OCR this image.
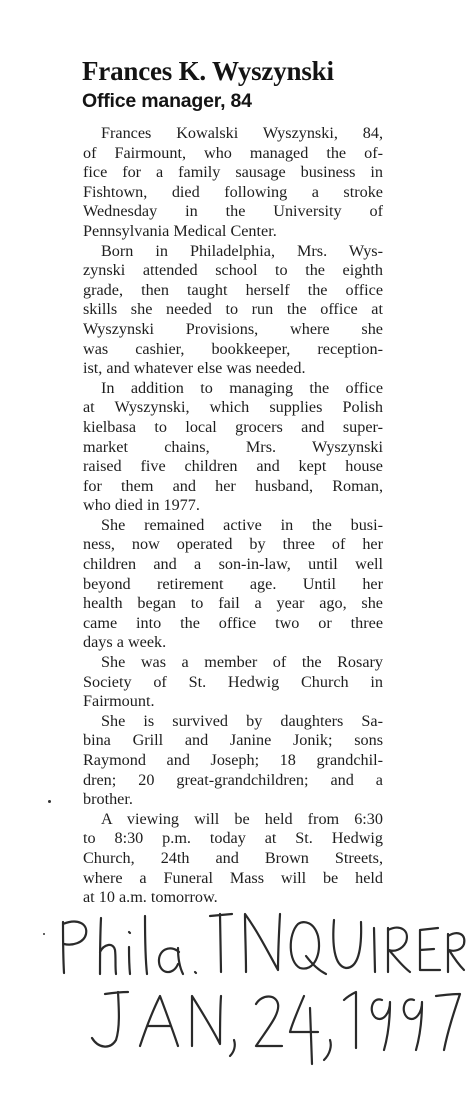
Frances K. Wyszynski
Office manager, 84
Frances Kowalski Wyszynski, 84,
of Fairmount, who managed the of-
fice for a family sausage business in
Fishtown, died following a stroke
Wednesday in the University of
Pennsylvania Medical Center.
Born in Philadelphia, Mrs. Wys-
zynski attended school to the eighth
grade, then taught herself the office
skills she needed to run the office at
Wyszynski Provisions, where she
was cashier, bookkeeper, reception-
ist, and whatever else was needed.
In addition to managing the office
at Wyszynski, which supplies Polish
kielbasa to local grocers and super-
market chains, Mrs. Wyszynski
raised five children and kept house
for them and her husband, Roman,
who died in 1977.
She remained active in the busi-
ness, now operated by three of her
children and a son-in-law, until well
beyond retirement age. Until her
health began to fail a year ago, she
came into the office two or three
days a week.
She was a member of the Rosary
Society of St. Hedwig Church in
Fairmount.
She is survived by daughters Sa-
bina Grill and Janine Jonik; sons
Raymond and Joseph; 18 grandchil-
dren; 20 great-grandchildren; and a
brother.
A viewing will be held from 6:30
to 8:30 p.m. today at St. Hedwig
Church, 24th and Brown Streets,
where a Funeral Mass will be held
at 10 a.m. tomorrow.
